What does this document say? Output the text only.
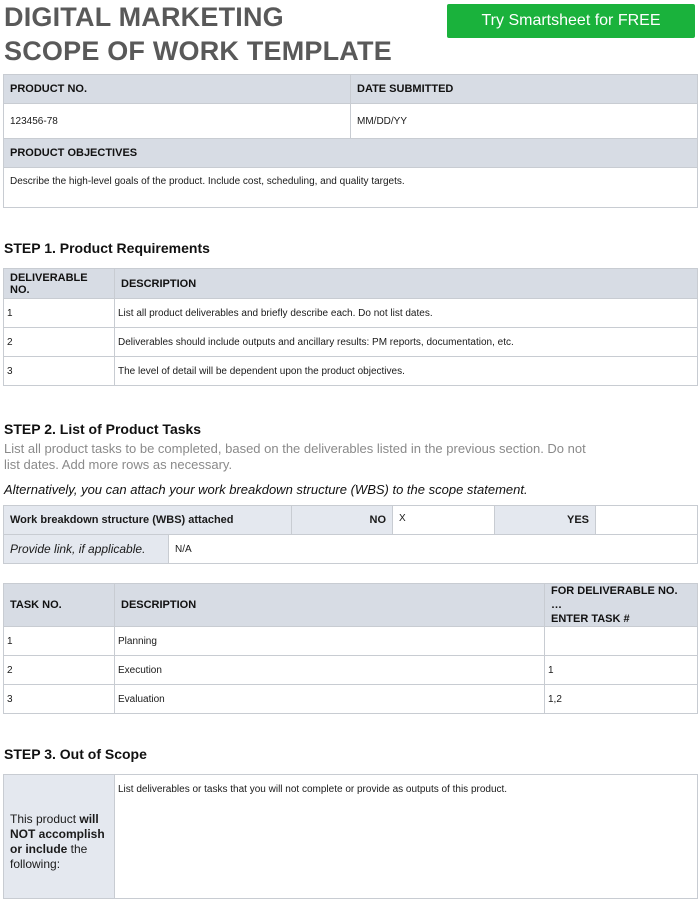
DIGITAL MARKETING
SCOPE OF WORK TEMPLATE
Try Smartsheet for FREE
PRODUCT NO.	DATE SUBMITTED
123456-78	MM/DD/YY
PRODUCT OBJECTIVES	
Describe the high-level goals of the product. Include cost, scheduling, and quality targets.	
STEP 1. Product Requirements
DELIVERABLE NO.	DESCRIPTION
1	List all product deliverables and briefly describe each. Do not list dates.
2	Deliverables should include outputs and ancillary results: PM reports, documentation, etc.
3	The level of detail will be dependent upon the product objectives.
STEP 2. List of Product Tasks
List all product tasks to be completed, based on the deliverables listed in the previous section. Do not
list dates. Add more rows as necessary.
Alternatively, you can attach your work breakdown structure (WBS) to the scope statement.
Work breakdown structure (WBS) attached		NO	X	YES	
Provide link, if applicable.	N/A				
TASK NO.	DESCRIPTION	FOR DELIVERABLE NO. …
ENTER TASK #

1	Planning	
2	Execution	1
3	Evaluation	1,2
STEP 3. Out of Scope
This product will NOT accomplish or include the following:	List deliverables or tasks that you will not complete or provide as outputs of this product.
